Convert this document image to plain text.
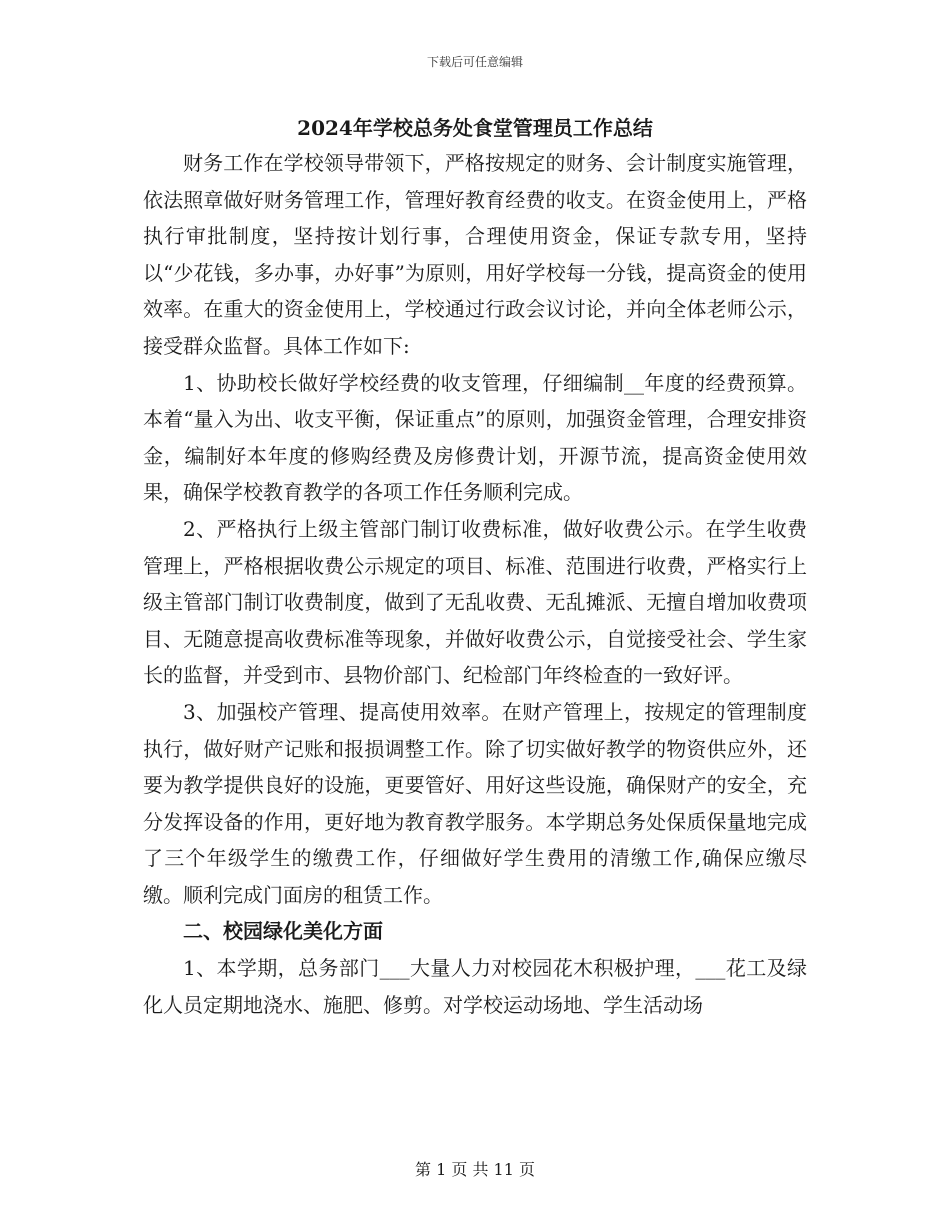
下载后可任意编辑
2024年学校总务处食堂管理员工作总结

财务工作在学校领导带领下，严格按规定的财务、会计制度实施管理，依法照章做好财务管理工作，管理好教育经费的收支。在资金使用上，严格执行审批制度，坚持按计划行事，合理使用资金，保证专款专用，坚持以“少花钱，多办事，办好事”为原则，用好学校每一分钱，提高资金的使用效率。在重大的资金使用上，学校通过行政会议讨论，并向全体老师公示，接受群众监督。具体工作如下:

1、协助校长做好学校经费的收支管理，仔细编制__年度的经费预算。本着“量入为出、收支平衡，保证重点”的原则，加强资金管理，合理安排资金，编制好本年度的修购经费及房修费计划，开源节流，提高资金使用效果，确保学校教育教学的各项工作任务顺利完成。

2、严格执行上级主管部门制订收费标准，做好收费公示。在学生收费管理上，严格根据收费公示规定的项目、标准、范围进行收费，严格实行上级主管部门制订收费制度，做到了无乱收费、无乱摊派、无擅自增加收费项目、无随意提高收费标准等现象，并做好收费公示，自觉接受社会、学生家长的监督，并受到市、县物价部门、纪检部门年终检查的一致好评。

3、加强校产管理、提高使用效率。在财产管理上，按规定的管理制度执行，做好财产记账和报损调整工作。除了切实做好教学的物资供应外，还要为教学提供良好的设施，更要管好、用好这些设施，确保财产的安全，充分发挥设备的作用，更好地为教育教学服务。本学期总务处保质保量地完成了三个年级学生的缴费工作，仔细做好学生费用的清缴工作,确保应缴尽缴。顺利完成门面房的租赁工作。

二、校园绿化美化方面

1、本学期，总务部门___大量人力对校园花木积极护理，___花工及绿化人员定期地浇水、施肥、修剪。对学校运动场地、学生活动场

第 1 页 共 11 页
